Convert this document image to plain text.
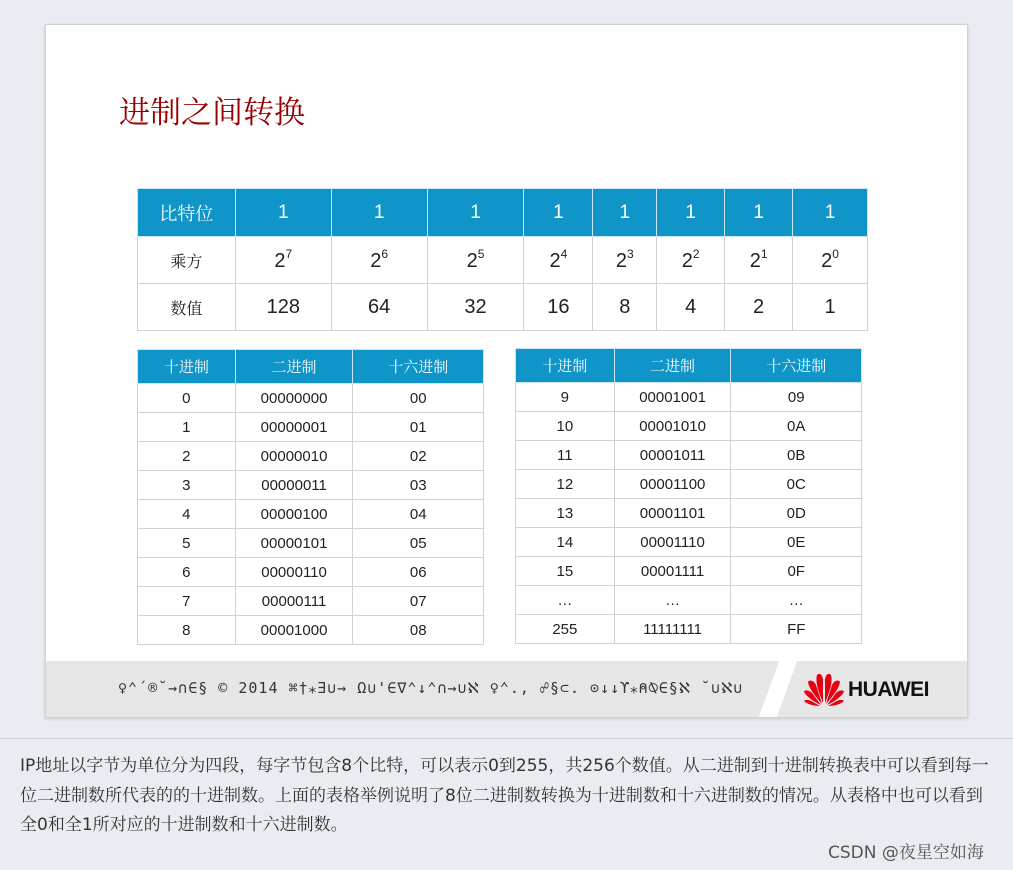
进制之间转换
比特位	1	1	1	1	1	1	1	1
乘方	$2^7$	$2^6$	$2^5$	$2^4$	$2^3$	$2^2$	$2^1$	$2^0$
数值	128	64	32	16	8	4	2	1
十进制	二进制	十六进制
0	00000000	00
1	00000001	01
2	00000010	02
3	00000011	03
4	00000100	04
5	00000101	05
6	00000110	06
7	00000111	07
8	00001000	08
十进制	二进制	十六进制
9	00001001	09
10	00001010	0A
11	00001011	0B
12	00001100	0C
13	00001101	0D
14	00001110	0E
15	00001111	0F
…	…	…
255	11111111	FF
♀⌃´®˘→∩∈§ © 2014 ⌘†⁎∃∪→ Ω∪'∈∇⌃↓⌃∩→∪ℵ ♀⌃., ☍§⊂. ⊙↓↓ϒ⁎⍝⍉∈§ℵ ˘∪ℵ∪	HUAWEI
IP地址以字节为单位分为四段，每字节包含8个比特，可以表示0到255，共256个数值。从二进制到十进制转换表中可以看到每一位二进制数所代表的的十进制数。上面的表格举例说明了8位二进制数转换为十进制数和十六进制数的情况。从表格中也可以看到全0和全1所对应的十进制数和十六进制数。
CSDN @夜星空如海
